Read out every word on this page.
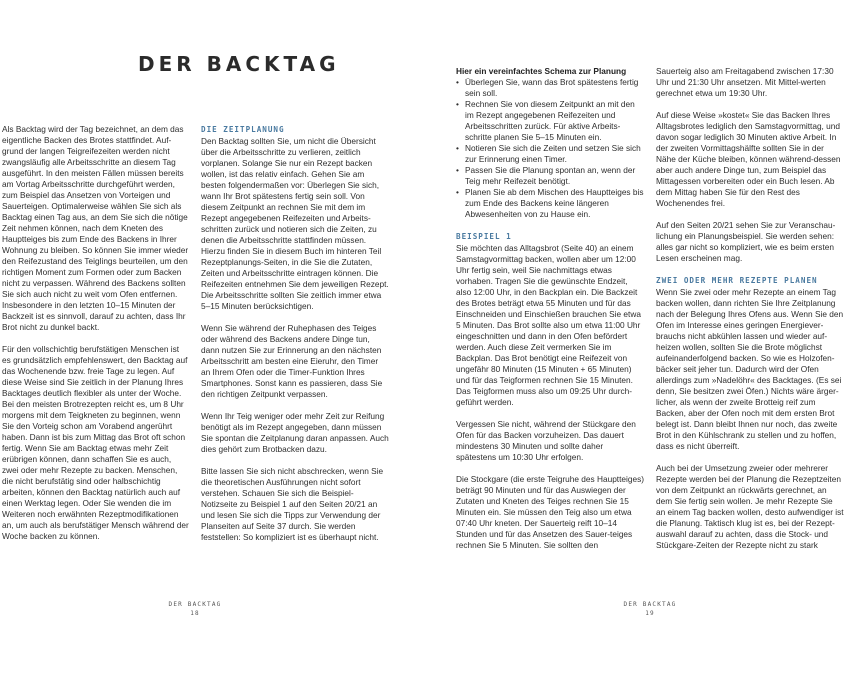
DER BACKTAG

Als Backtag wird der Tag bezeichnet, an dem das eigentliche Backen des Brotes stattfindet. Auf-grund der langen Teigreifezeiten werden nicht zwangsläufig alle Arbeitsschritte an diesem Tag ausgeführt. In den meisten Fällen müssen bereits am Vortag Arbeitsschritte durchgeführt werden, zum Beispiel das Ansetzen von Vorteigen und Sauerteigen. Optimalerweise wählen Sie sich als Backtag einen Tag aus, an dem Sie sich die nötige Zeit nehmen können, nach dem Kneten des Hauptteiges bis zum Ende des Backens in Ihrer Wohnung zu bleiben. So können Sie immer wieder den Reifezustand des Teiglings beurteilen, um den richtigen Moment zum Formen oder zum Backen nicht zu verpassen. Während des Backens sollten Sie sich auch nicht zu weit vom Ofen entfernen. Insbesondere in den letzten 10–15 Minuten der Backzeit ist es sinnvoll, darauf zu achten, dass Ihr Brot nicht zu dunkel backt.

Für den vollschichtig berufstätigen Menschen ist es grundsätzlich empfehlenswert, den Backtag auf das Wochenende bzw. freie Tage zu legen. Auf diese Weise sind Sie zeitlich in der Planung Ihres Backtages deutlich flexibler als unter der Woche. Bei den meisten Brotrezepten reicht es, um 8 Uhr morgens mit dem Teigkneten zu beginnen, wenn Sie den Vorteig schon am Vorabend angerührt haben. Dann ist bis zum Mittag das Brot oft schon fertig. Wenn Sie am Backtag etwas mehr Zeit erübrigen können, dann schaffen Sie es auch, zwei oder mehr Rezepte zu backen. Menschen, die nicht berufstätig sind oder halbschichtig arbeiten, können den Backtag natürlich auch auf einen Werktag legen. Oder Sie wenden die im Weiteren noch erwähnten Rezeptmodifikationen an, um auch als berufstätiger Mensch während der Woche backen zu können.

DIE ZEITPLANUNG

Den Backtag sollten Sie, um nicht die Übersicht über die Arbeitsschritte zu verlieren, zeitlich vorplanen. Solange Sie nur ein Rezept backen wollen, ist das relativ einfach. Gehen Sie am besten folgendermaßen vor: Überlegen Sie sich, wann Ihr Brot spätestens fertig sein soll. Von diesem Zeitpunkt an rechnen Sie mit dem im Rezept angegebenen Reifezeiten und Arbeits-schritten zurück und notieren sich die Zeiten, zu denen die Arbeitsschritte stattfinden müssen. Hierzu finden Sie in diesem Buch im hinteren Teil Rezeptplanungs-Seiten, in die Sie die Zutaten, Zeiten und Arbeitsschritte eintragen können. Die Reifezeiten entnehmen Sie dem jeweiligen Rezept. Die Arbeitsschritte sollten Sie zeitlich immer etwa 5–15 Minuten berücksichtigen.

Wenn Sie während der Ruhephasen des Teiges oder während des Backens andere Dinge tun, dann nutzen Sie zur Erinnerung an den nächsten Arbeitsschritt am besten eine Eieruhr, den Timer an Ihrem Ofen oder die Timer-Funktion Ihres Smartphones. Sonst kann es passieren, dass Sie den richtigen Zeitpunkt verpassen.

Wenn Ihr Teig weniger oder mehr Zeit zur Reifung benötigt als im Rezept angegeben, dann müssen Sie spontan die Zeitplanung daran anpassen. Auch dies gehört zum Brotbacken dazu.

Bitte lassen Sie sich nicht abschrecken, wenn Sie die theoretischen Ausführungen nicht sofort verstehen. Schauen Sie sich die Beispiel-Notizseite zu Beispiel 1 auf den Seiten 20/21 an und lesen Sie sich die Tipps zur Verwendung der Planseiten auf Seite 37 durch. Sie werden feststellen: So kompliziert ist es überhaupt nicht.

DER BACKTAG
18
Hier ein vereinfachtes Schema zur Planung
• Überlegen Sie, wann das Brot spätestens fertig sein soll.
• Rechnen Sie von diesem Zeitpunkt an mit den im Rezept angegebenen Reifezeiten und Arbeitsschritten zurück. Für aktive Arbeits-schritte planen Sie 5–15 Minuten ein.
• Notieren Sie sich die Zeiten und setzen Sie sich zur Erinnerung einen Timer.
• Passen Sie die Planung spontan an, wenn der Teig mehr Reifezeit benötigt.
• Planen Sie ab dem Mischen des Hauptteiges bis zum Ende des Backens keine längeren Abwesenheiten von zu Hause ein.
BEISPIEL 1

Sie möchten das Alltagsbrot (Seite 40) an einem Samstagvormittag backen, wollen aber um 12:00 Uhr fertig sein, weil Sie nachmittags etwas vorhaben. Tragen Sie die gewünschte Endzeit, also 12:00 Uhr, in den Backplan ein. Die Backzeit des Brotes beträgt etwa 55 Minuten und für das Einschneiden und Einschießen brauchen Sie etwa 5 Minuten. Das Brot sollte also um etwa 11:00 Uhr eingeschnitten und dann in den Ofen befördert werden. Auch diese Zeit vermerken Sie im Backplan. Das Brot benötigt eine Reifezeit von ungefähr 80 Minuten (15 Minuten + 65 Minuten) und für das Teigformen rechnen Sie 15 Minuten. Das Teigformen muss also um 09:25 Uhr durch-geführt werden.

Vergessen Sie nicht, während der Stückgare den Ofen für das Backen vorzuheizen. Das dauert mindestens 30 Minuten und sollte daher spätestens um 10:30 Uhr erfolgen.

Die Stockgare (die erste Teigruhe des Hauptteiges) beträgt 90 Minuten und für das Auswiegen der Zutaten und Kneten des Teiges rechnen Sie 15 Minuten ein. Sie müssen den Teig also um etwa 07:40 Uhr kneten. Der Sauerteig reift 10–14 Stunden und für das Ansetzen des Sauer-teiges rechnen Sie 5 Minuten. Sie sollten den

Sauerteig also am Freitagabend zwischen 17:30 Uhr und 21:30 Uhr ansetzen. Mit Mittel-werten gerechnet etwa um 19:30 Uhr.

Auf diese Weise »kostet« Sie das Backen Ihres Alltagsbrotes lediglich den Samstagvormittag, und davon sogar lediglich 30 Minuten aktive Arbeit. In der zweiten Vormittagshälfte sollten Sie in der Nähe der Küche bleiben, können während-dessen aber auch andere Dinge tun, zum Beispiel das Mittagessen vorbereiten oder ein Buch lesen. Ab dem Mittag haben Sie für den Rest des Wochenendes frei.

Auf den Seiten 20/21 sehen Sie zur Veranschau-lichung ein Planungsbeispiel. Sie werden sehen: alles gar nicht so kompliziert, wie es beim ersten Lesen erscheinen mag.

ZWEI ODER MEHR REZEPTE PLANEN

Wenn Sie zwei oder mehr Rezepte an einem Tag backen wollen, dann richten Sie Ihre Zeitplanung nach der Belegung Ihres Ofens aus. Wenn Sie den Ofen im Interesse eines geringen Energiever-brauchs nicht abkühlen lassen und wieder auf-heizen wollen, sollten Sie die Brote möglichst aufeinanderfolgend backen. So wie es Holzofen-bäcker seit jeher tun. Dadurch wird der Ofen allerdings zum »Nadelöhr« des Backtages. (Es sei denn, Sie besitzen zwei Öfen.) Nichts wäre ärger-licher, als wenn der zweite Brotteig reif zum Backen, aber der Ofen noch mit dem ersten Brot belegt ist. Dann bleibt Ihnen nur noch, das zweite Brot in den Kühlschrank zu stellen und zu hoffen, dass es nicht überreift.

Auch bei der Umsetzung zweier oder mehrerer Rezepte werden bei der Planung die Rezeptzeiten von dem Zeitpunkt an rückwärts gerechnet, an dem Sie fertig sein wollen. Je mehr Rezepte Sie an einem Tag backen wollen, desto aufwendiger ist die Planung. Taktisch klug ist es, bei der Rezept-auswahl darauf zu achten, dass die Stock- und Stückgare-Zeiten der Rezepte nicht zu stark

DER BACKTAG
19
